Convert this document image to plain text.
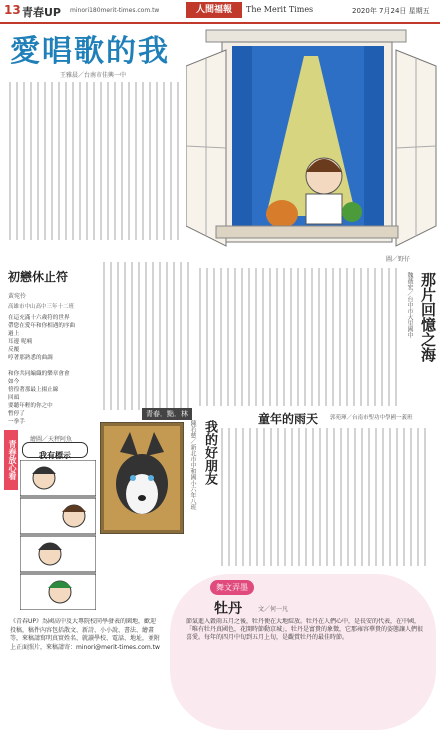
13 青春UP minori180merit-times.com.tw	人間福報	The Merit Times	2020年 7月24日 星期五
愛唱歌的我
王雅晨／台南市佳興一中
圖／野仔
那片回憶之海
魏薇宏／台中市大里國中
初戀休止符
黃宛伶
高雄市中山高中三年十二班
在這充滿十六歲符的世界
帶您在愛年和你相遇的序曲
過上
耳邊 呢喃
反覆
哼著那熟悉的曲調
和你共同編織的樂章會會
如今
徬徨著那最上揚止線
回頭
要聽年輕的你之中
暫停了
一拳手
青春放心看
繪圖／天秤阿魚
我有標示
青春．點．林
我的好朋友
陳若慈／新北市中和國小六年八班
童年的雨天 郭苑琿／台南市聖功中學國一義班
舞文弄墨
牡丹	文／何一凡
節氣進入穀雨五月之後，牡丹便在大地綻放。牡丹在人們心中，是長安的代表，在中國，「唯有牡丹真國色，花開時節動京城」，牡丹是富貴的象徵，它那雍容華貴的姿態讓人們很喜愛。每年的四月中旬到五月上旬，是觀賞牡丹的最佳時節。
《青春UP》為國高中及大專院校同學發表的園地，歡迎投稿，稿件內容包括散文、新詩、小小說、書法、繪畫等，來稿請寫明真實姓名、就讀學校、電話、地址，並附上正面照片，來稿請寄：minori@merit-times.com.tw
